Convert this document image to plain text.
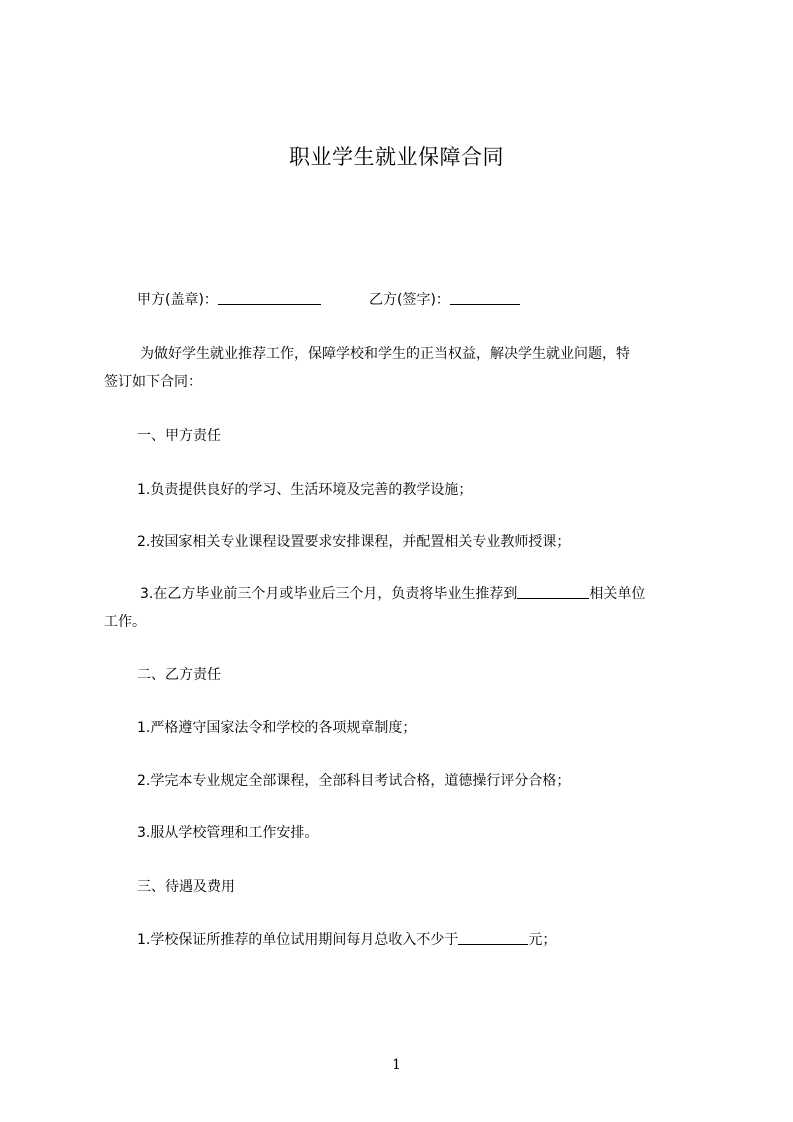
职业学生就业保障合同
甲方(盖章)：	乙方(签字)：
为做好学生就业推荐工作，保障学校和学生的正当权益，解决学生就业问题，特
签订如下合同：
一、甲方责任
1.负责提供良好的学习、生活环境及完善的教学设施；
2.按国家相关专业课程设置要求安排课程，并配置相关专业教师授课；
3.在乙方毕业前三个月或毕业后三个月，负责将毕业生推荐到	相关单位
工作。
二、乙方责任
1.严格遵守国家法令和学校的各项规章制度；
2.学完本专业规定全部课程，全部科目考试合格，道德操行评分合格；
3.服从学校管理和工作安排。
三、待遇及费用
1.学校保证所推荐的单位试用期间每月总收入不少于	元；
1
